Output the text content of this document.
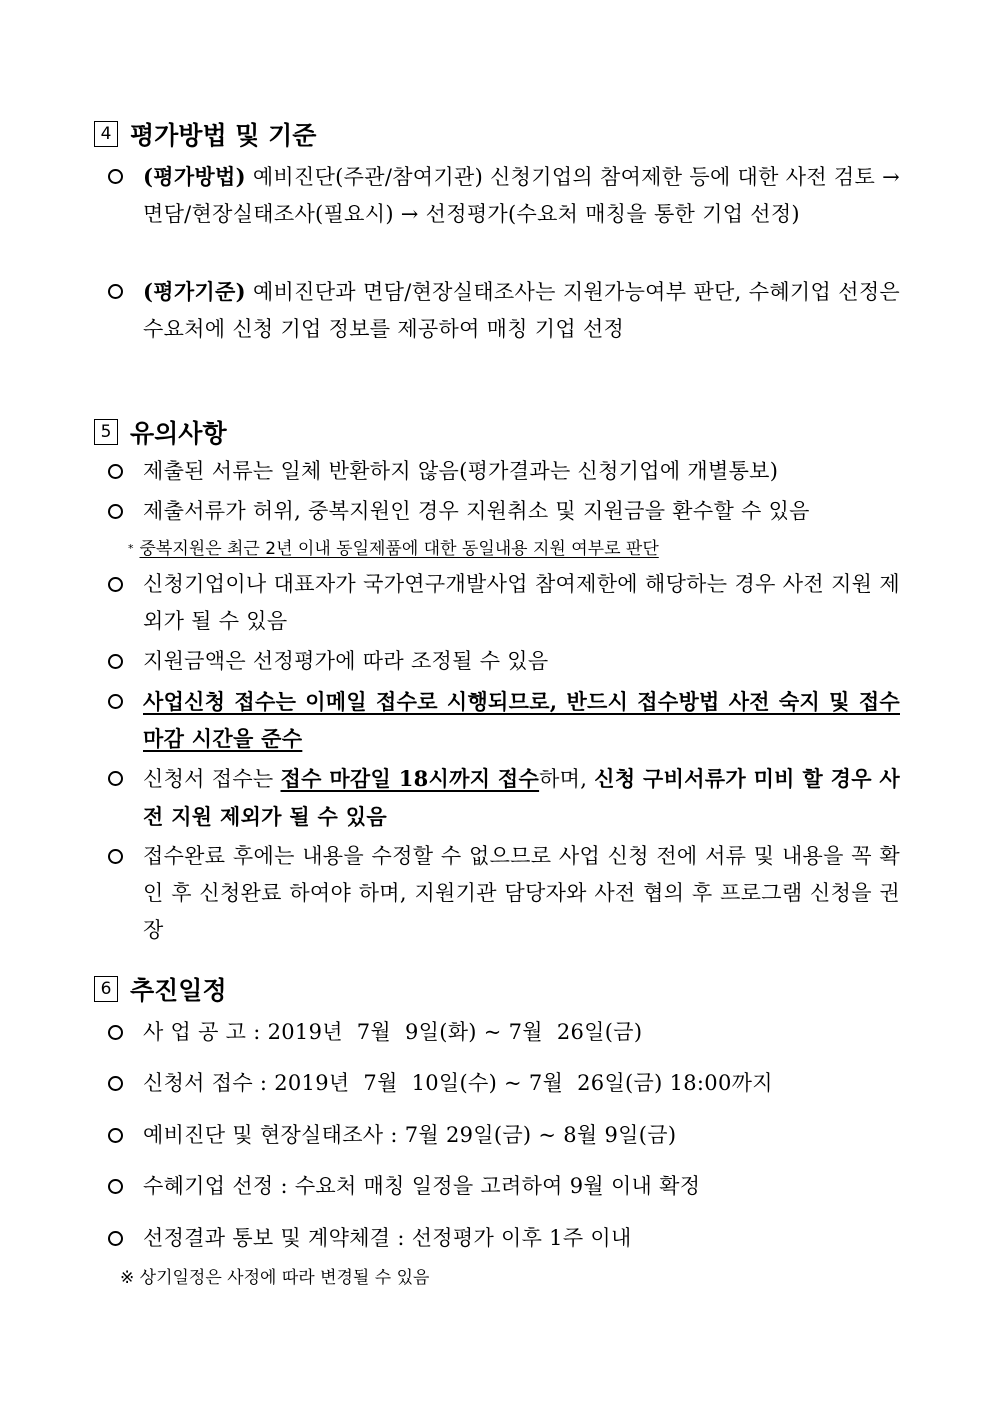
4 평가방법 및 기준
(평가방법) 예비진단(주관/참여기관) 신청기업의 참여제한 등에 대한 사전 검토 → 면담/현장실태조사(필요시) → 선정평가(수요처 매칭을 통한 기업 선정)
(평가기준) 예비진단과 면담/현장실태조사는 지원가능여부 판단, 수혜기업 선정은 수요처에 신청 기업 정보를 제공하여 매칭 기업 선정
5 유의사항
제출된 서류는 일체 반환하지 않음(평가결과는 신청기업에 개별통보)
제출서류가 허위, 중복지원인 경우 지원취소 및 지원금을 환수할 수 있음
* 중복지원은 최근 2년 이내 동일제품에 대한 동일내용 지원 여부로 판단
신청기업이나 대표자가 국가연구개발사업 참여제한에 해당하는 경우 사전 지원 제외가 될 수 있음
지원금액은 선정평가에 따라 조정될 수 있음
사업신청 접수는 이메일 접수로 시행되므로, 반드시 접수방법 사전 숙지 및 접수마감 시간을 준수
신청서 접수는 접수 마감일 18시까지 접수하며, 신청 구비서류가 미비 할 경우 사전 지원 제외가 될 수 있음
접수완료 후에는 내용을 수정할 수 없으므로 사업 신청 전에 서류 및 내용을 꼭 확인 후 신청완료 하여야 하며, 지원기관 담당자와 사전 협의 후 프로그램 신청을 권장
6 추진일정
사 업 공 고 : 2019년  7월  9일(화) ~ 7월  26일(금)
신청서 접수 : 2019년  7월  10일(수) ~ 7월  26일(금) 18:00까지
예비진단 및 현장실태조사 : 7월 29일(금) ~ 8월 9일(금)
수혜기업 선정 : 수요처 매칭 일정을 고려하여 9월 이내 확정
선정결과 통보 및 계약체결 : 선정평가 이후 1주 이내
※ 상기일정은 사정에 따라 변경될 수 있음
